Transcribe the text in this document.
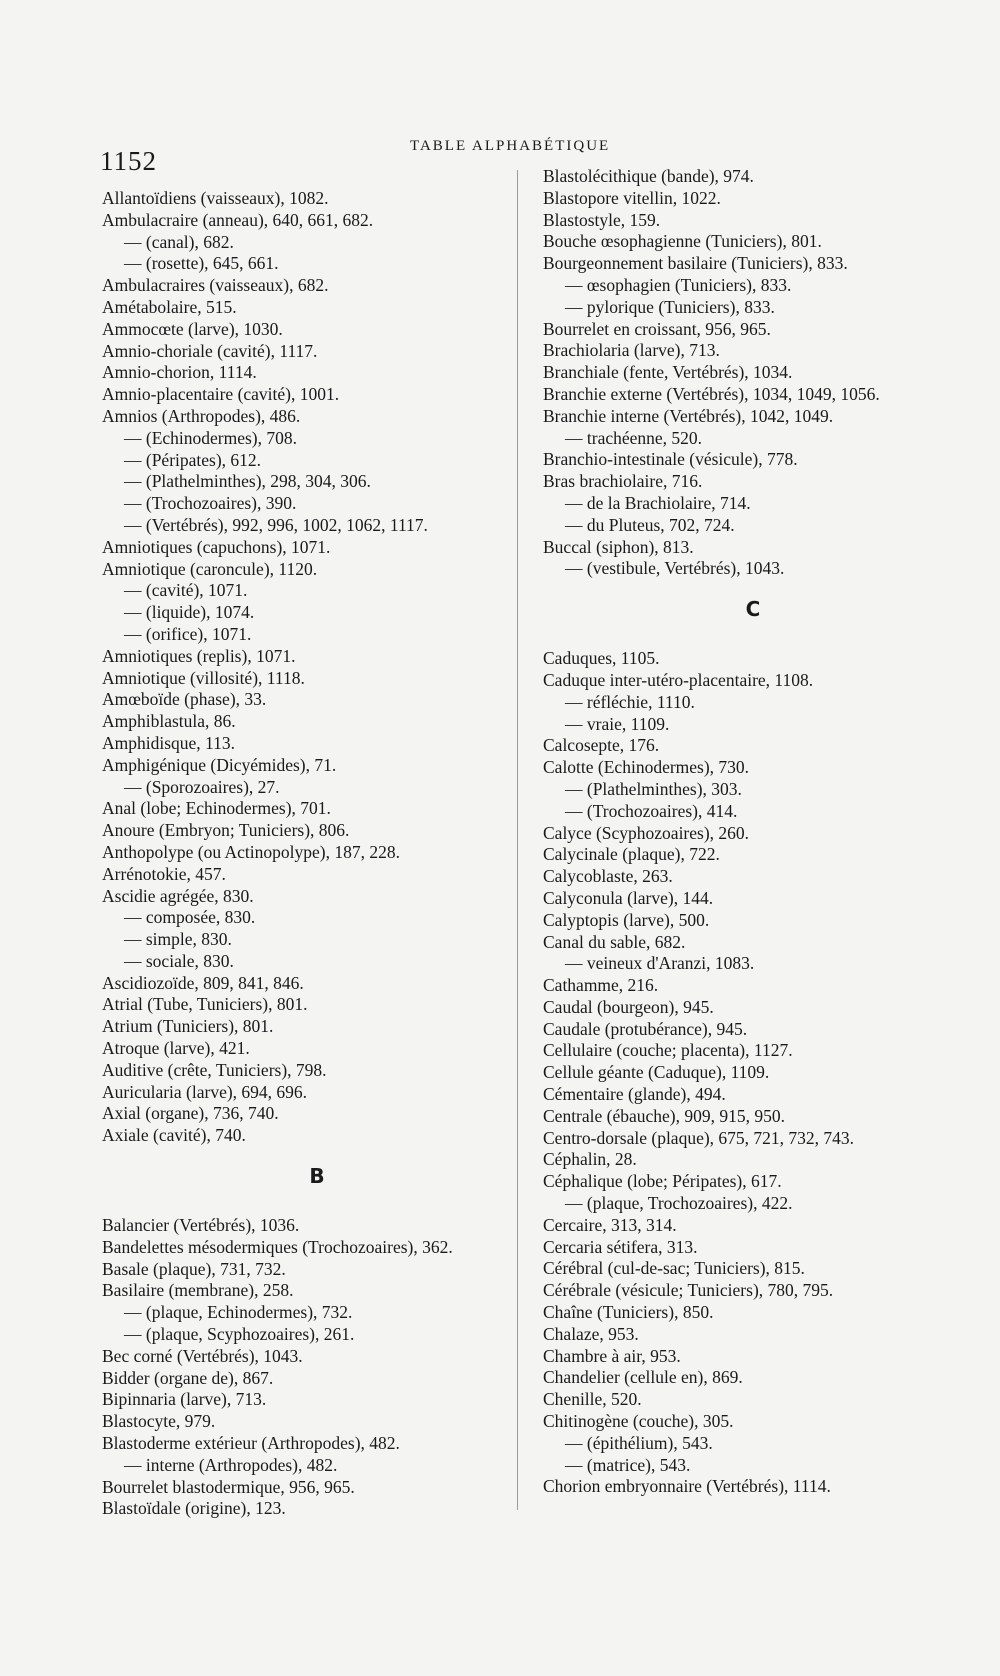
1152	TABLE ALPHABÉTIQUE
Allantoïdiens (vaisseaux), 1082.
Ambulacraire (anneau), 640, 661, 682.
— (canal), 682.
— (rosette), 645, 661.
Ambulacraires (vaisseaux), 682.
Amétabolaire, 515.
Ammocœte (larve), 1030.
Amnio-choriale (cavité), 1117.
Amnio-chorion, 1114.
Amnio-placentaire (cavité), 1001.
Amnios (Arthropodes), 486.
— (Echinodermes), 708.
— (Péripates), 612.
— (Plathelminthes), 298, 304, 306.
— (Trochozoaires), 390.
— (Vertébrés), 992, 996, 1002, 1062, 1117.
Amniotiques (capuchons), 1071.
Amniotique (caroncule), 1120.
— (cavité), 1071.
— (liquide), 1074.
— (orifice), 1071.
Amniotiques (replis), 1071.
Amniotique (villosité), 1118.
Amœboïde (phase), 33.
Amphiblastula, 86.
Amphidisque, 113.
Amphigénique (Dicyémides), 71.
— (Sporozoaires), 27.
Anal (lobe; Echinodermes), 701.
Anoure (Embryon; Tuniciers), 806.
Anthopolype (ou Actinopolype), 187, 228.
Arrénotokie, 457.
Ascidie agrégée, 830.
— composée, 830.
— simple, 830.
— sociale, 830.
Ascidiozoïde, 809, 841, 846.
Atrial (Tube, Tuniciers), 801.
Atrium (Tuniciers), 801.
Atroque (larve), 421.
Auditive (crête, Tuniciers), 798.
Auricularia (larve), 694, 696.
Axial (organe), 736, 740.
Axiale (cavité), 740.
B
Balancier (Vertébrés), 1036.
Bandelettes mésodermiques (Trochozoaires), 362.
Basale (plaque), 731, 732.
Basilaire (membrane), 258.
— (plaque, Echinodermes), 732.
— (plaque, Scyphozoaires), 261.
Bec corné (Vertébrés), 1043.
Bidder (organe de), 867.
Bipinnaria (larve), 713.
Blastocyte, 979.
Blastoderme extérieur (Arthropodes), 482.
— interne (Arthropodes), 482.
Bourrelet blastodermique, 956, 965.
Blastoïdale (origine), 123.
Blastolécithique (bande), 974.
Blastopore vitellin, 1022.
Blastostyle, 159.
Bouche œsophagienne (Tuniciers), 801.
Bourgeonnement basilaire (Tuniciers), 833.
— œsophagien (Tuniciers), 833.
— pylorique (Tuniciers), 833.
Bourrelet en croissant, 956, 965.
Brachiolaria (larve), 713.
Branchiale (fente, Vertébrés), 1034.
Branchie externe (Vertébrés), 1034, 1049, 1056.
Branchie interne (Vertébrés), 1042, 1049.
— trachéenne, 520.
Branchio-intestinale (vésicule), 778.
Bras brachiolaire, 716.
— de la Brachiolaire, 714.
— du Pluteus, 702, 724.
Buccal (siphon), 813.
— (vestibule, Vertébrés), 1043.
C
Caduques, 1105.
Caduque inter-utéro-placentaire, 1108.
— réfléchie, 1110.
— vraie, 1109.
Calcosepte, 176.
Calotte (Echinodermes), 730.
— (Plathelminthes), 303.
— (Trochozoaires), 414.
Calyce (Scyphozoaires), 260.
Calycinale (plaque), 722.
Calycoblaste, 263.
Calyconula (larve), 144.
Calyptopis (larve), 500.
Canal du sable, 682.
— veineux d'Aranzi, 1083.
Cathamme, 216.
Caudal (bourgeon), 945.
Caudale (protubérance), 945.
Cellulaire (couche; placenta), 1127.
Cellule géante (Caduque), 1109.
Cémentaire (glande), 494.
Centrale (ébauche), 909, 915, 950.
Centro-dorsale (plaque), 675, 721, 732, 743.
Céphalin, 28.
Céphalique (lobe; Péripates), 617.
— (plaque, Trochozoaires), 422.
Cercaire, 313, 314.
Cercaria sétifera, 313.
Cérébral (cul-de-sac; Tuniciers), 815.
Cérébrale (vésicule; Tuniciers), 780, 795.
Chaîne (Tuniciers), 850.
Chalaze, 953.
Chambre à air, 953.
Chandelier (cellule en), 869.
Chenille, 520.
Chitinogène (couche), 305.
— (épithélium), 543.
— (matrice), 543.
Chorion embryonnaire (Vertébrés), 1114.
